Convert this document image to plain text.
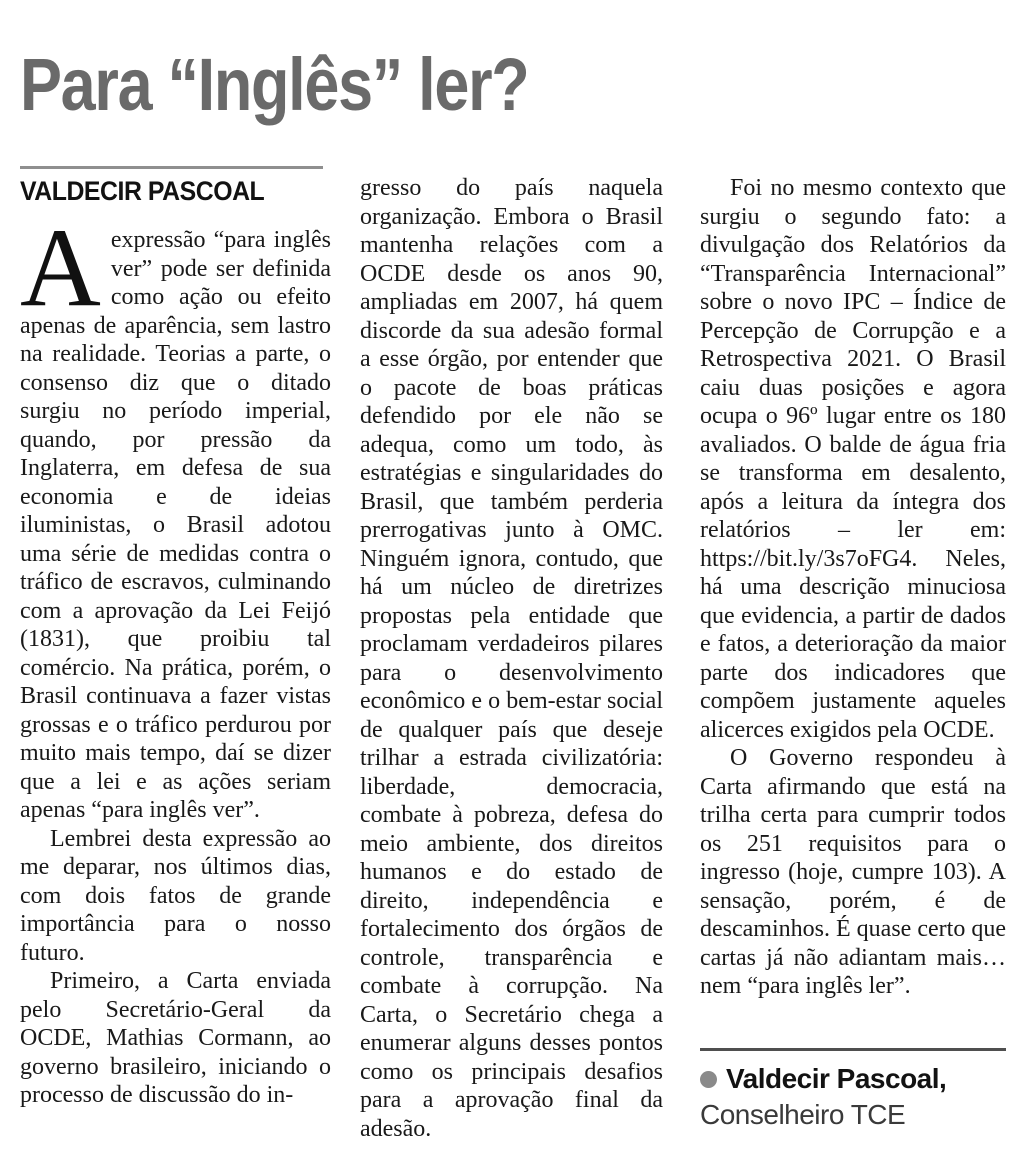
Para “Inglês” ler?
VALDECIR PASCOAL

Aexpressão “para inglês ver” pode ser definida como ação ou efeito apenas de aparência, sem lastro na realidade. Teorias a parte, o consenso diz que o ditado surgiu no período imperial, quando, por pressão da Inglaterra, em defesa de sua economia e de ideias iluministas, o Brasil adotou uma série de medidas contra o tráfico de escravos, culminando com a aprovação da Lei Feijó (1831), que proibiu tal comércio. Na prática, porém, o Brasil continuava a fazer vistas grossas e o tráfico perdurou por muito mais tempo, daí se dizer que a lei e as ações seriam apenas “para inglês ver”.

Lembrei desta expressão ao me deparar, nos últimos dias, com dois fatos de grande importância para o nosso futuro.

Primeiro, a Carta enviada pelo Secretário-Geral da OCDE, Mathias Cormann, ao governo brasileiro, iniciando o processo de discussão do in-

gresso do país naquela organização. Embora o Brasil mantenha relações com a OCDE desde os anos 90, ampliadas em 2007, há quem discorde da sua adesão formal a esse órgão, por entender que o pacote de boas práticas defendido por ele não se adequa, como um todo, às estratégias e singularidades do Brasil, que também perderia prerrogativas junto à OMC. Ninguém ignora, contudo, que há um núcleo de diretrizes propostas pela entidade que proclamam verdadeiros pilares para o desenvolvimento econômico e o bem-estar social de qualquer país que deseje trilhar a estrada civilizatória: liberdade, democracia, combate à pobreza, defesa do meio ambiente, dos direitos humanos e do estado de direito, independência e fortalecimento dos órgãos de controle, transparência e combate à corrupção. Na Carta, o Secretário chega a enumerar alguns desses pontos como os principais desafios para a aprovação final da adesão.

Foi no mesmo contexto que surgiu o segundo fato: a divulgação dos Relatórios da “Transparência Internacional” sobre o novo IPC – Índice de Percepção de Corrupção e a Retrospectiva 2021. O Brasil caiu duas posições e agora ocupa o 96º lugar entre os 180 avaliados. O balde de água fria se transforma em desalento, após a leitura da íntegra dos relatórios – ler em: https://bit.ly/3s7oFG4. Neles, há uma descrição minuciosa que evidencia, a partir de dados e fatos, a deterioração da maior parte dos indicadores que compõem justamente aqueles alicerces exigidos pela OCDE.

O Governo respondeu à Carta afirmando que está na trilha certa para cumprir todos os 251 requisitos para o ingresso (hoje, cumpre 103). A sensação, porém, é de descaminhos. É quase certo que cartas já não adiantam mais… nem “para inglês ler”.

Valdecir Pascoal,
Conselheiro TCE
